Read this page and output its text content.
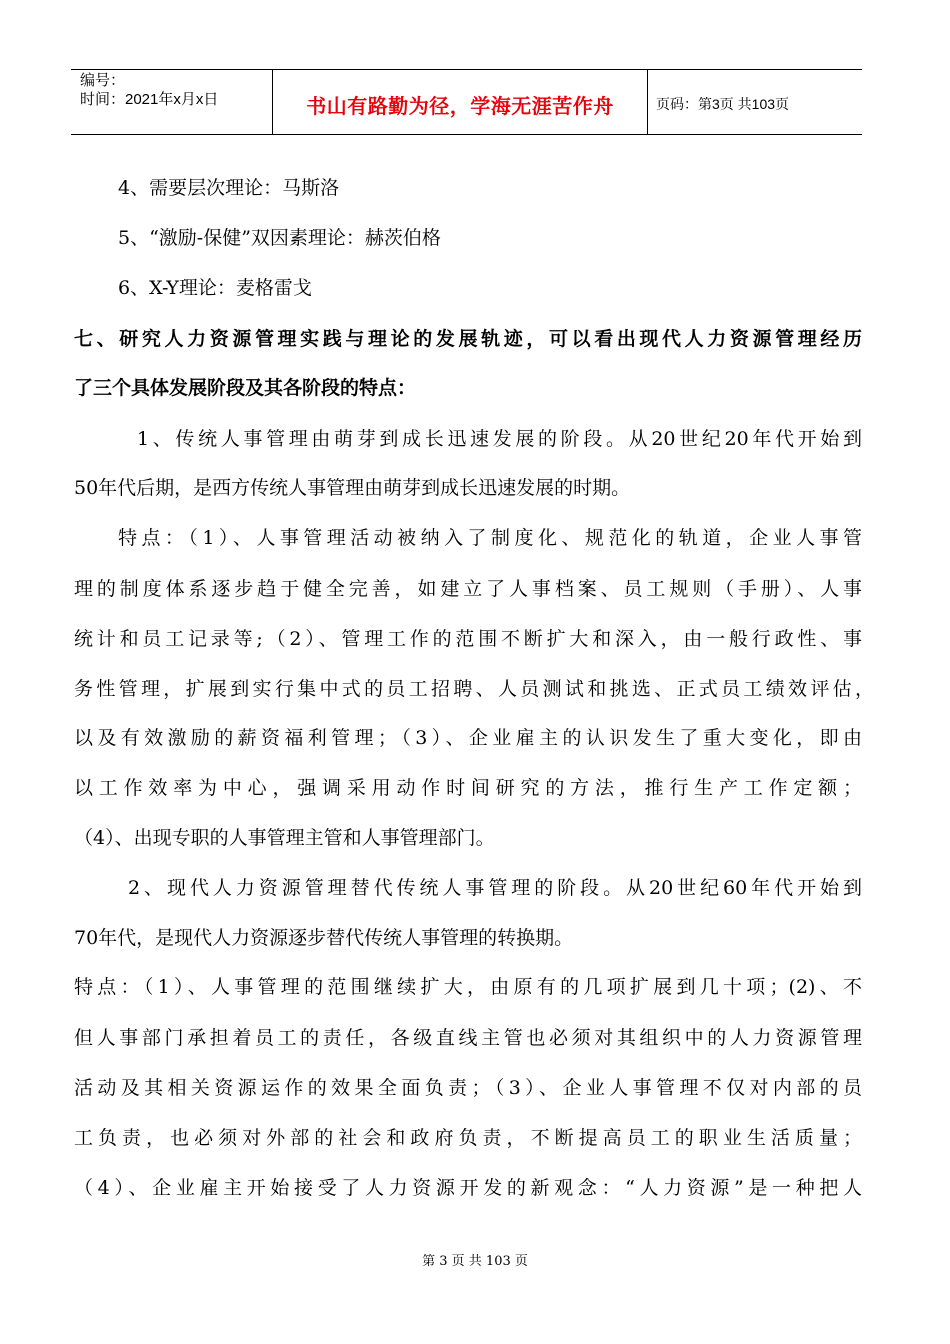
编号：
时间：2021年x月x日	书山有路勤为径，学海无涯苦作舟	页码：第3页 共103页
4、需要层次理论：马斯洛
5、“激励-保健”双因素理论：赫茨伯格
6、X-Y理论：麦格雷戈
七、研究人力资源管理实践与理论的发展轨迹，可以看出现代人力资源管理经历
了三个具体发展阶段及其各阶段的特点：
1、传统人事管理由萌芽到成长迅速发展的阶段。从20世纪20年代开始到
50年代后期，是西方传统人事管理由萌芽到成长迅速发展的时期。
特点：（1）、人事管理活动被纳入了制度化、规范化的轨道，企业人事管
理的制度体系逐步趋于健全完善，如建立了人事档案、员工规则（手册）、人事
统计和员工记录等;（2）、管理工作的范围不断扩大和深入，由一般行政性、事
务性管理，扩展到实行集中式的员工招聘、人员测试和挑选、正式员工绩效评估，
以及有效激励的薪资福利管理；（3）、企业雇主的认识发生了重大变化，即由
以工作效率为中心，强调采用动作时间研究的方法，推行生产工作定额；
（4）、出现专职的人事管理主管和人事管理部门。
2、现代人力资源管理替代传统人事管理的阶段。从20世纪60年代开始到
70年代，是现代人力资源逐步替代传统人事管理的转换期。
特点：（1）、人事管理的范围继续扩大，由原有的几项扩展到几十项；(2)、不
但人事部门承担着员工的责任，各级直线主管也必须对其组织中的人力资源管理
活动及其相关资源运作的效果全面负责；（3）、企业人事管理不仅对内部的员
工负责，也必须对外部的社会和政府负责，不断提高员工的职业生活质量；
（4）、企业雇主开始接受了人力资源开发的新观念：“人力资源”是一种把人
第 3 页 共 103 页
